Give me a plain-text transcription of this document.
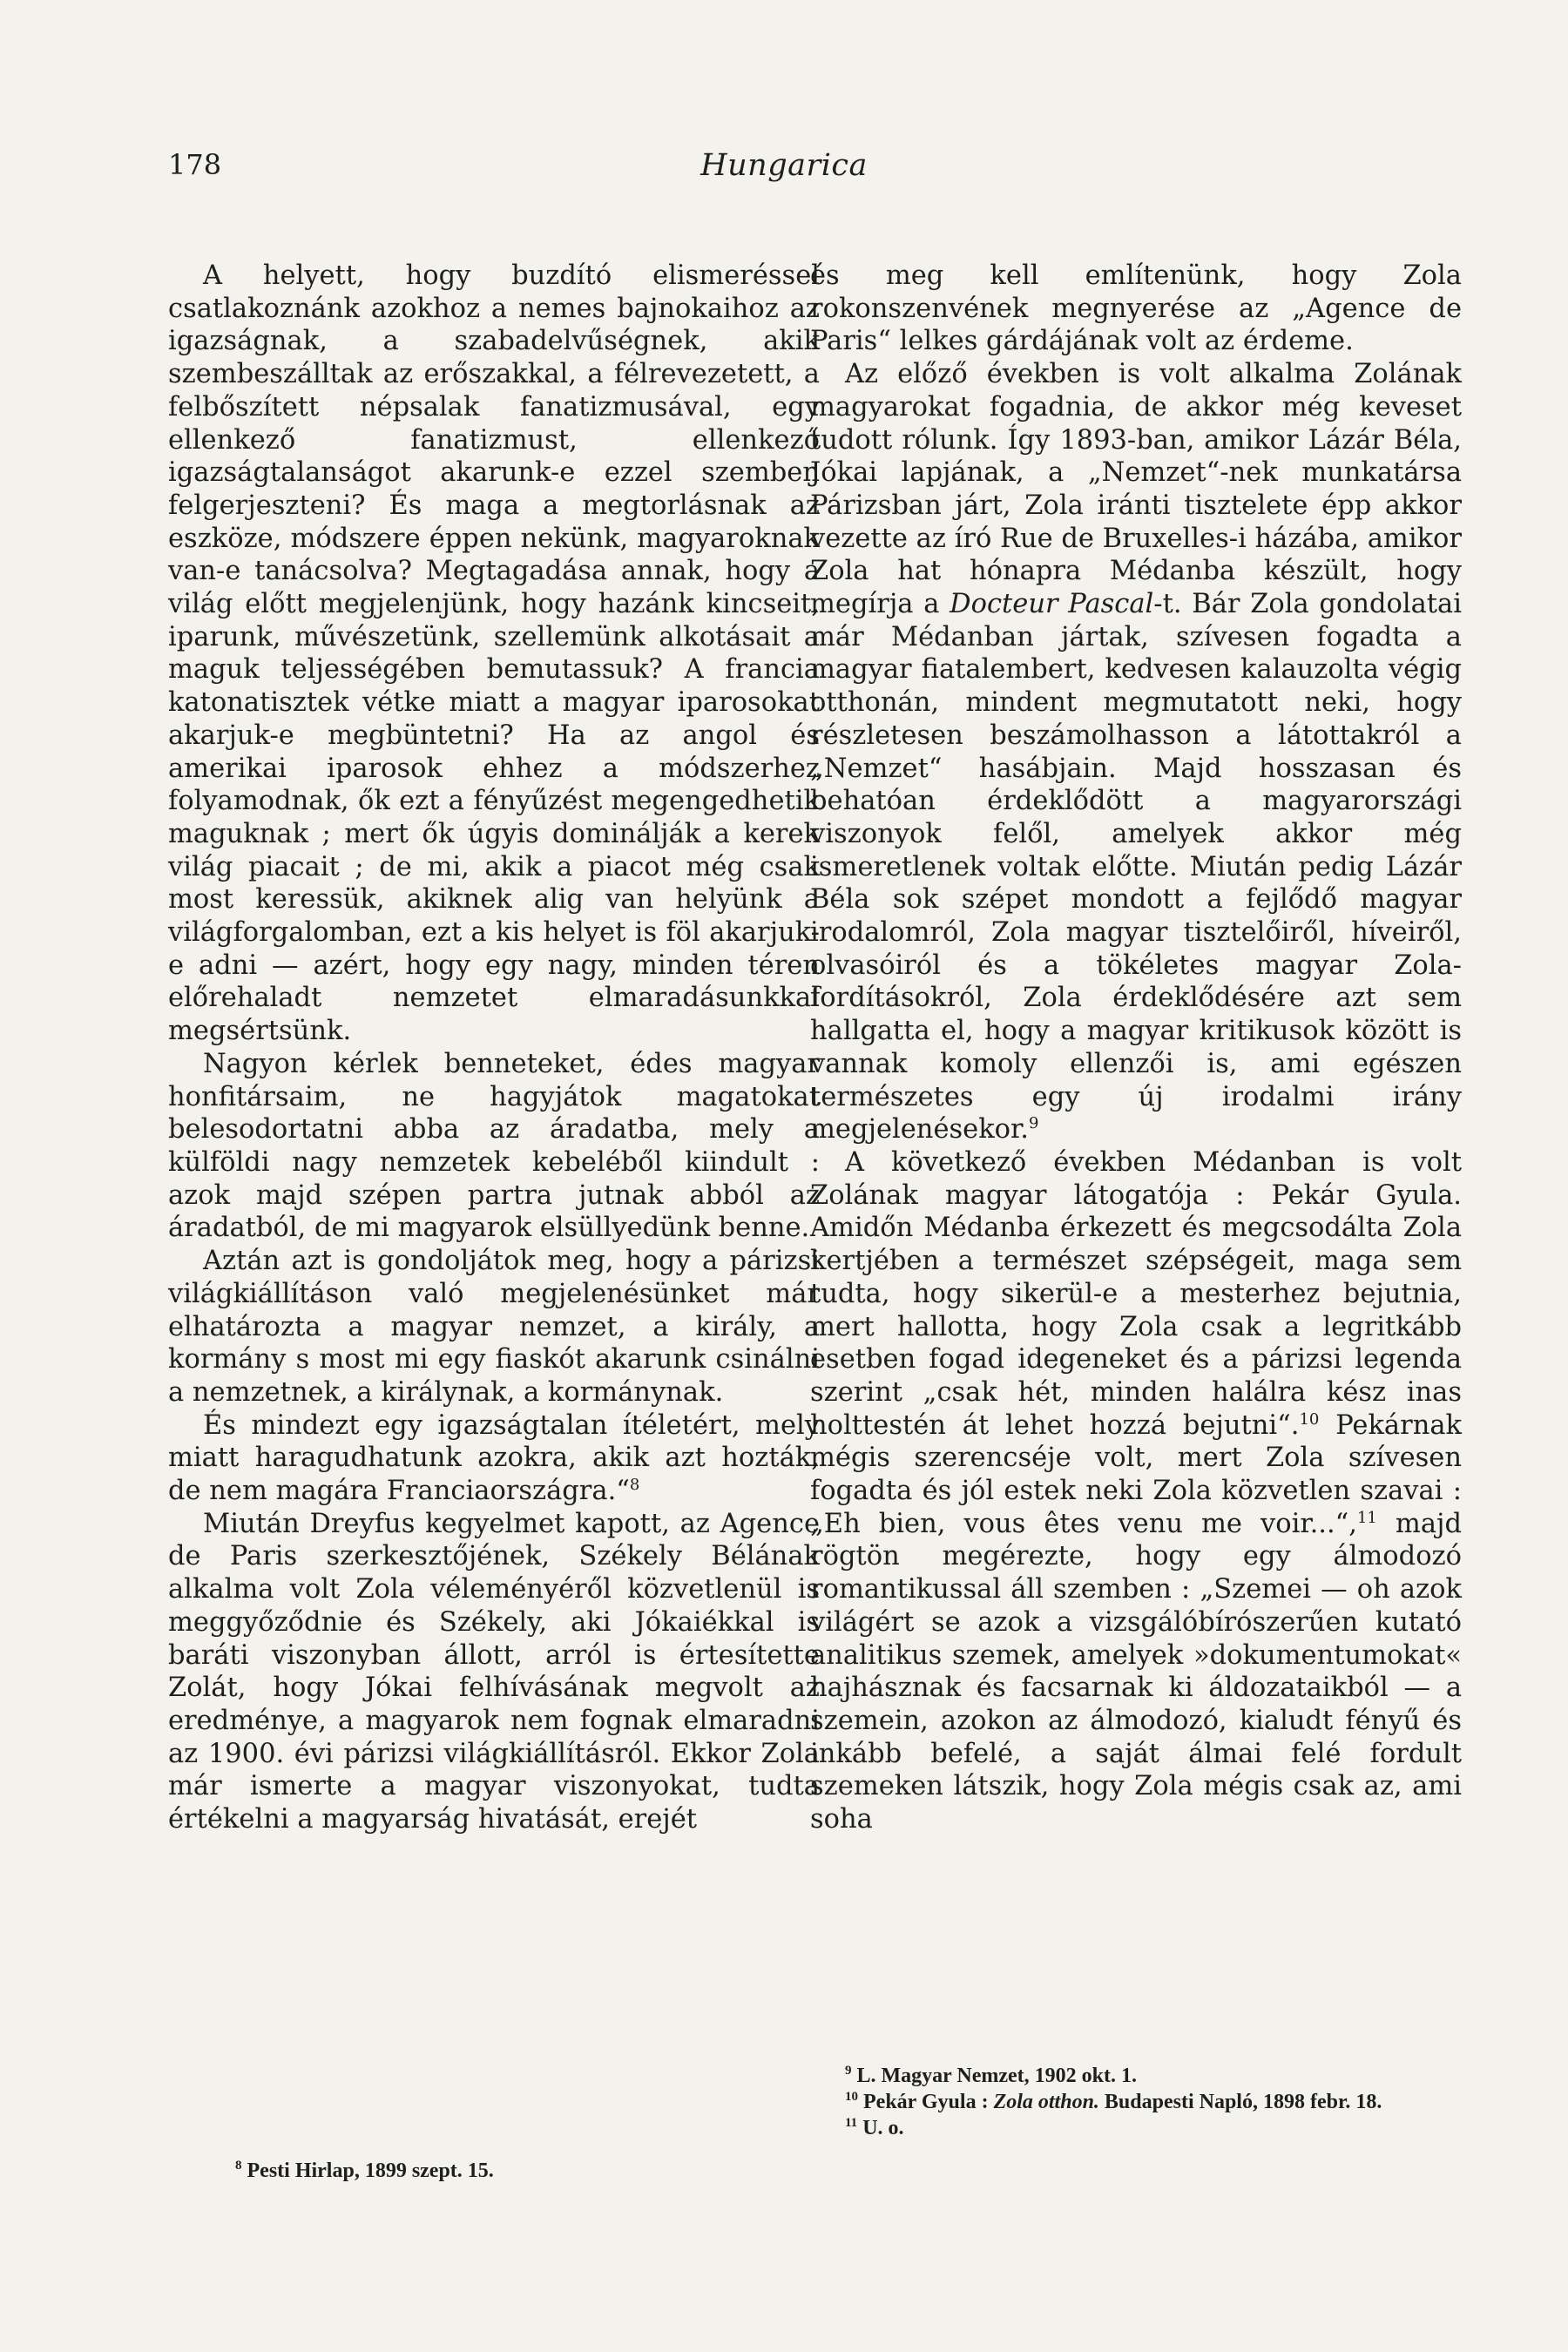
178	Hungarica

A helyett, hogy buzdító elismeréssel csatlakoznánk azokhoz a nemes bajnokaihoz az igazságnak, a szabadelvűségnek, akik szembeszálltak az erőszakkal, a félrevezetett, a felbőszített népsalak fanatizmusával, egy ellenkező fanatizmust, ellenkező igazságtalanságot akarunk-e ezzel szemben felgerjeszteni? És maga a megtorlásnak az eszköze, módszere éppen nekünk, magyaroknak van-e tanácsolva? Megtagadása annak, hogy a világ előtt megjelenjünk, hogy hazánk kincseit, iparunk, művészetünk, szellemünk alkotásait a maguk teljességében bemutassuk? A francia katonatisztek vétke miatt a magyar iparosokat akarjuk-e megbüntetni? Ha az angol és amerikai iparosok ehhez a módszerhez folyamodnak, ők ezt a fényűzést megengedhetik maguknak ; mert ők úgyis dominálják a kerek világ piacait ; de mi, akik a piacot még csak most keressük, akiknek alig van helyünk a világforgalomban, ezt a kis helyet is föl akarjuk-e adni — azért, hogy egy nagy, minden téren előrehaladt nemzetet elmaradásunkkal megsértsünk.

Nagyon kérlek benneteket, édes magyar honfitársaim, ne hagyjátok magatokat belesodortatni abba az áradatba, mely a külföldi nagy nemzetek kebeléből kiindult : azok majd szépen partra jutnak abból az áradatból, de mi magyarok elsüllyedünk benne.

Aztán azt is gondoljátok meg, hogy a párizsi világkiállításon való megjelenésünket már elhatározta a magyar nemzet, a király, a kormány s most mi egy fiaskót akarunk csinálni a nemzetnek, a királynak, a kormánynak.

És mindezt egy igazságtalan ítéletért, mely miatt haragudhatunk azokra, akik azt hozták, de nem magára Franciaországra.“$^8$

Miután Dreyfus kegyelmet kapott, az Agence de Paris szerkesztőjének, Székely Bélának alkalma volt Zola véleményéről közvetlenül is meggyőződnie és Székely, aki Jókaiékkal is baráti viszonyban állott, arról is értesítette Zolát, hogy Jókai felhívásának megvolt az eredménye, a magyarok nem fognak elmaradni az 1900. évi párizsi világkiállításról. Ekkor Zola már ismerte a magyar viszonyokat, tudta értékelni a magyarság hivatását, erejét

és meg kell említenünk, hogy Zola rokonszenvének megnyerése az „Agence de Paris“ lelkes gárdájának volt az érdeme.

Az előző években is volt alkalma Zolának magyarokat fogadnia, de akkor még keveset tudott rólunk. Így 1893-ban, amikor Lázár Béla, Jókai lapjának, a „Nemzet“-nek munkatársa Párizsban járt, Zola iránti tisztelete épp akkor vezette az író Rue de Bruxelles-i házába, amikor Zola hat hónapra Médanba készült, hogy megírja a Docteur Pascal-t. Bár Zola gondolatai már Médanban jártak, szívesen fogadta a magyar fiatalembert, kedvesen kalauzolta végig otthonán, mindent megmutatott neki, hogy részletesen beszámolhasson a látottakról a „Nemzet“ hasábjain. Majd hosszasan és behatóan érdeklődött a magyarországi viszonyok felől, amelyek akkor még ismeretlenek voltak előtte. Miután pedig Lázár Béla sok szépet mondott a fejlődő magyar irodalomról, Zola magyar tisztelőiről, híveiről, olvasóiról és a tökéletes magyar Zola-fordításokról, Zola érdeklődésére azt sem hallgatta el, hogy a magyar kritikusok között is vannak komoly ellenzői is, ami egészen természetes egy új irodalmi irány megjelenésekor.$^9$

A következő években Médanban is volt Zolának magyar látogatója : Pekár Gyula. Amidőn Médanba érkezett és megcsodálta Zola kertjében a természet szépségeit, maga sem tudta, hogy sikerül-e a mesterhez bejutnia, mert hallotta, hogy Zola csak a legritkább esetben fogad idegeneket és a párizsi legenda szerint „csak hét, minden halálra kész inas holttestén át lehet hozzá bejutni“.$^{10}$ Pekárnak mégis szerencséje volt, mert Zola szívesen fogadta és jól estek neki Zola közvetlen szavai : „Eh bien, vous êtes venu me voir...“,$^{11}$ majd rögtön megérezte, hogy egy álmodozó romantikussal áll szemben : „Szemei — oh azok világért se azok a vizsgálóbírószerűen kutató analitikus szemek, amelyek »dokumentumokat« hajhásznak és facsarnak ki áldozataikból — a szemein, azokon az álmodozó, kialudt fényű és inkább befelé, a saját álmai felé fordult szemeken látszik, hogy Zola mégis csak az, ami soha

$^8$ Pesti Hirlap, 1899 szept. 15.

$^9$ L. Magyar Nemzet, 1902 okt. 1.

$^{10}$ Pekár Gyula : Zola otthon. Budapesti Napló, 1898 febr. 18.

$^{11}$ U. o.
